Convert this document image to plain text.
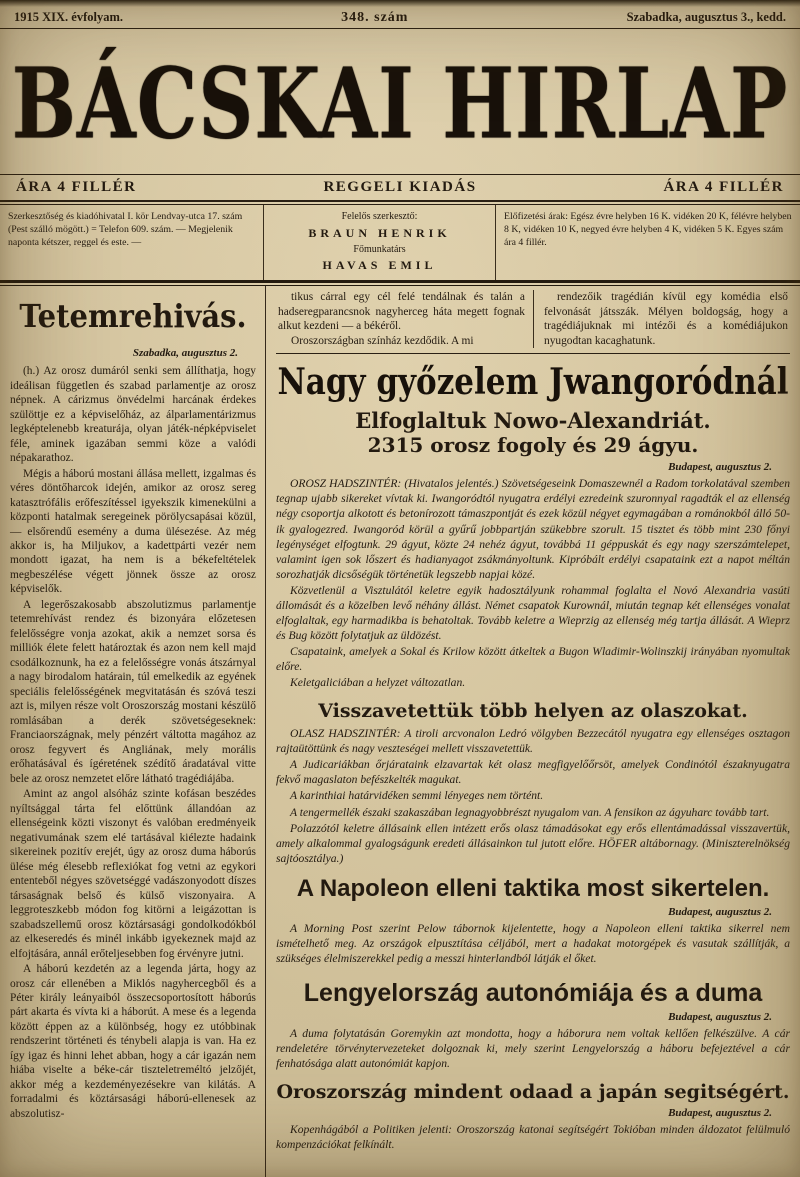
1915 XIX. évfolyam.	348. szám	Szabadka, augusztus 3., kedd.
BÁCSKAI HIRLAP
ÁRA 4 FILLÉR	REGGELI KIADÁS	ÁRA 4 FILLÉR
Szerkesztőség és kiadóhivatal I. kör Lendvay-utca 17. szám (Pest szálló mögött.) = Telefon 609. szám. — Megjelenik naponta kétszer, reggel és este. —
Felelős szerkesztő:
BRAUN HENRIK
Főmunkatárs
HAVAS EMIL
Előfizetési árak: Egész évre helyben 16 K. vidéken 20 K, félévre helyben 8 K, vidéken 10 K, negyed évre helyben 4 K, vidéken 5 K. Egyes szám ára 4 fillér.
Tetemrehivás.
Szabadka, augusztus 2.

(h.) Az orosz dumáról senki sem állíthatja, hogy ideálisan független és szabad parlamentje az orosz népnek. A cárizmus önvédelmi harcának érdekes szülöttje ez a képviselőház, az álparlamentárizmus legképtelenebb kreaturája, olyan játék-népképviselet féle, aminek igazában semmi köze a valódi népakarathoz.

Mégis a háború mostani állása mellett, izgalmas és véres döntőharcok idején, amikor az orosz sereg katasztrófális erőfeszítéssel igyekszik kimenekülni a központi hatalmak seregeinek pörölycsapásai közül, — elsőrendű esemény a duma ülésezése. Az még akkor is, ha Miljukov, a kadettpárti vezér nem mondott igazat, ha nem is a békefeltételek megbeszélése végett jönnek össze az orosz képviselők.

A legerőszakosabb abszolutizmus parlamentje tetemrehívást rendez és bizonyára előzetesen felelősségre vonja azokat, akik a nemzet sorsa és milliók élete felett határoztak és azon nem kell majd csodálkoznunk, ha ez a felelősségre vonás átszárnyal a nagy birodalom határain, túl emelkedik az egyének speciális felelősségének megvitatásán és szóvá teszi azt is, milyen része volt Oroszország mostani készülő romlásában a derék szövetségeseknek: Franciaországnak, mely pénzért váltotta magához az orosz fegyvert és Angliának, mely morális erőhatásával és ígéretének szédítő áradatával vitte bele az orosz nemzetet előre látható tragédiájába.

Amint az angol alsóház szinte kofásan beszédes nyíltsággal tárta fel előttünk állandóan az ellenségeink közti viszonyt és valóban eredményeik negativumának szem elé tartásával kiélezte hadaink sikereinek pozitív erejét, úgy az orosz duma háborús ülése még élesebb reflexiókat fog vetni az egykori ententeből négyes szövetséggé vadászonyodott díszes társaságnak belső és külső viszonyaira. A leggroteszkebb módon fog kitörni a leigázottan is szabadszellemű orosz köztársasági gondolkodókból az elkeseredés és minél inkább igyekeznek majd az elfojtására, annál erőteljesebben fog érvényre jutni.

A háború kezdetén az a legenda járta, hogy az orosz cár ellenében a Miklós nagyhercegből és a Péter király leányaiból összecsoportosított háborús párt akarta és vívta ki a háborút. A mese és a legenda között éppen az a különbség, hogy ez utóbbinak rendszerint történeti és ténybeli alapja is van. Ha ez így igaz és hinni lehet abban, hogy a cár igazán nem hiába viselte a béke-cár tiszteletreméltó jelzőjét, akkor még a kezdeményezésekre van kilátás. A forradalmi és köztársasági háború-ellenesek az abszolutisz-

tikus cárral egy cél felé tendálnak és talán a hadseregparancsnok nagyherceg háta megett fognak alkut kezdeni — a békéről.

Oroszországban színház kezdődik. A mi

rendezőik tragédián kívül egy komédia első felvonását játsszák. Mélyen boldogság, hogy a tragédiájuknak mi intézői és a komédiájukon nyugodtan kacaghatunk.

Nagy győzelem Jwangoródnál
Elfoglaltuk Nowo-Alexandriát.
2315 orosz fogoly és 29 ágyu.
Budapest, augusztus 2.

OROSZ HADSZINTÉR: (Hivatalos jelentés.) Szövetségeseink Domaszewnél a Radom torkolatával szemben tegnap ujabb sikereket vívtak ki. Iwangoródtól nyugatra erdélyi ezredeink szuronnyal ragadták el az ellenség négy csoportja alkotott és betonírozott támaszpontját és ezek közül négyet egymagában a románokból álló 50-ik gyalogezred. Iwangoród körül a gyűrű jobbpartján szükebbre szorult. 15 tisztet és több mint 230 főnyi legénységet elfogtunk. 29 ágyut, közte 24 nehéz ágyut, továbbá 11 géppuskát és egy nagy szerszámtelepet, valamint igen sok lőszert és hadianyagot zsákmányoltunk. Kipróbált erdélyi csapataink ezt a napot méltán sorozhatják dicsőségük történetük legszebb napjai közé.

Közvetlenül a Visztulától keletre egyik hadosztályunk rohammal foglalta el Novó Alexandria vasúti állomását és a közelben levő néhány állást. Német csapatok Kurownál, miután tegnap két ellenséges vonalat elfoglaltak, egy harmadikba is behatoltak. Tovább keletre a Wieprzig az ellenség még tartja állását. A Wieprz és Bug között folytatjuk az üldözést.

Csapataink, amelyek a Sokal és Krilow között átkeltek a Bugon Wladimir-Wolinszkij irányában nyomultak előre.

Keletgaliciában a helyzet változatlan.

Visszavetettük több helyen az olaszokat.

OLASZ HADSZINTÉR: A tiroli arcvonalon Ledró völgyben Bezzecától nyugatra egy ellenséges osztagon rajtaütöttünk és nagy veszteségei mellett visszavetettük.

A Judicariákban őrjárataink elzavartak két olasz megfigyelőőrsöt, amelyek Condinótól északnyugatra fekvő magaslaton befészkelték magukat.

A karinthiai határvidéken semmi lényeges nem történt.

A tengermellék északi szakaszában legnagyobbrészt nyugalom van. A fensikon az ágyuharc tovább tart.

Polazzótól keletre állásaink ellen intézett erős olasz támadásokat egy erős ellentámadással visszavertük, amely alkalommal gyalogságunk eredeti állásainkon tul jutott előre. HÖFER altábornagy. (Miniszterelnökség sajtóosztálya.)

A Napoleon elleni taktika most sikertelen.
Budapest, augusztus 2.

A Morning Post szerint Pelow tábornok kijelentette, hogy a Napoleon elleni taktika sikerrel nem ismételhető meg. Az országok elpusztítása céljából, mert a hadakat motorgépek és vasutak szállítják, a szükséges élelmiszerekkel pedig a messzi hinterlandból látják el őket.

Lengyelország autonómiája és a duma
Budapest, augusztus 2.

A duma folytatásán Goremykin azt mondotta, hogy a háborura nem voltak kellően felkészülve. A cár rendeletére törvénytervezeteket dolgoznak ki, mely szerint Lengyelország a háboru befejeztével a cár fenhatósága alatt autonómiát kapjon.

Oroszország mindent odaad a japán segitségért.
Budapest, augusztus 2.

Kopenhágából a Politiken jelenti: Oroszország katonai segítségért Tokióban minden áldozatot felülmuló kompenzációkat felkínált.
